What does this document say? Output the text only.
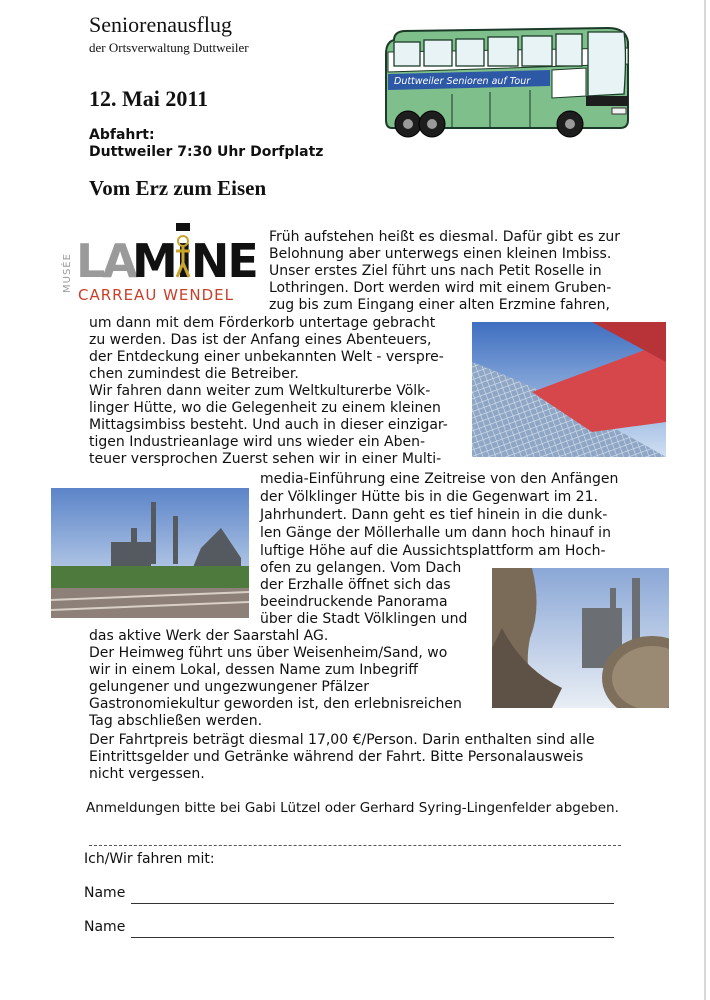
Seniorenausflug
der Ortsverwaltung Duttweiler
12. Mai 2011
Abfahrt:
Duttweiler 7:30 Uhr Dorfplatz
Duttweiler Senioren auf Tour
Vom Erz zum Eisen
MUSÉE LA
MINE
CARREAU WENDEL
Früh aufstehen heißt es diesmal. Dafür gibt es zur
Belohnung aber unterwegs einen kleinen Imbiss.
Unser erstes Ziel führt uns nach Petit Roselle in
Lothringen. Dort werden wird mit einem Gruben-
zug bis zum Eingang einer alten Erzmine fahren,
um dann mit dem Förderkorb untertage gebracht
zu werden. Das ist der Anfang eines Abenteuers,
der Entdeckung einer unbekannten Welt - verspre-
chen zumindest die Betreiber.
Wir fahren dann weiter zum Weltkulturerbe Völk-
linger Hütte, wo die Gelegenheit zu einem kleinen
Mittagsimbiss besteht. Und auch in dieser einzigar-
tigen Industrieanlage wird uns wieder ein Aben-
teuer versprochen Zuerst sehen wir in einer Multi-
media-Einführung eine Zeitreise von den Anfängen
der Völklinger Hütte bis in die Gegenwart im 21.
Jahrhundert. Dann geht es tief hinein in die dunk-
len Gänge der Möllerhalle um dann hoch hinauf in
luftige Höhe auf die Aussichtsplattform am Hoch-
ofen zu gelangen. Vom Dach
der Erzhalle öffnet sich das
beeindruckende Panorama
über die Stadt Völklingen und
das aktive Werk der Saarstahl AG.
Der Heimweg führt uns über Weisenheim/Sand, wo
wir in einem Lokal, dessen Name zum Inbegriff
gelungener und ungezwungener Pfälzer
Gastronomiekultur geworden ist, den erlebnisreichen
Tag abschließen werden.
Der Fahrtpreis beträgt diesmal 17,00 €/Person. Darin enthalten sind alle
Eintrittsgelder und Getränke während der Fahrt. Bitte Personalausweis
nicht vergessen.
Anmeldungen bitte bei Gabi Lützel oder Gerhard Syring-Lingenfelder abgeben.
Ich/Wir fahren mit:
Name
Name
